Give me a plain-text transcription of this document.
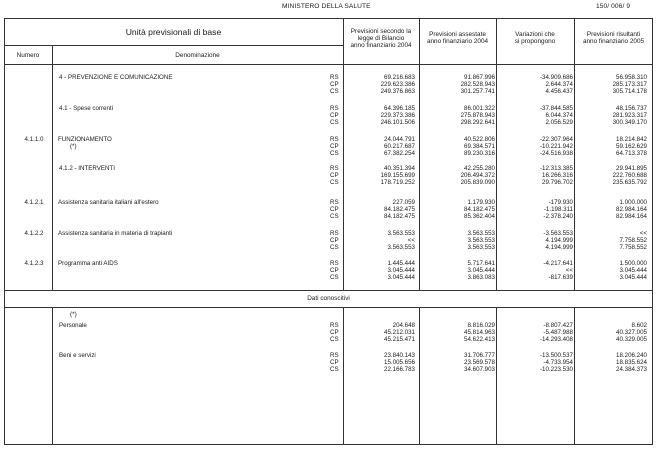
MINISTERO DELLA SALUTE	150/ 006/ 9
Unità previsionali di base
Numero	Denominazione
Previsioni secondo la
legge di Bilancio
anno finanziario 2004
Previsioni assestate
anno finanziario 2004
Variazioni che
si propongono
Previsioni risultanti
anno finanziario 2005
4 - PREVENZIONE E COMUNICAZIONE	RS	69.216.683	91.867.996	-34.909.686	56.958.310
CP	229.623.386	282.528.943	2.644.374	285.173.317
CS	249.376.863	301.257.741	4.456.437	305.714.178
4.1 - Spese correnti	RS	64.396.185	86.001.322	-37.844.585	48.156.737
CP	229.373.386	275.878.943	6.044.374	281.923.317
CS	246.101.506	298.292.641	2.056.529	300.349.170
4.1.1.0	FUNZIONAMENTO	RS	24.044.791	40.522.806	-22.307.964	18.214.842
(*)	CP	60.217.687	69.384.571	-10.221.942	59.162.629
CS	67.382.254	89.230.316	-24.516.938	64.713.378
4.1.2 - INTERVENTI	RS	40.351.394	42.255.280	-12.313.385	29.941.895
CP	169.155.699	206.494.372	16.266.316	222.760.688
CS	178.719.252	205.839.090	29.796.702	235.635.792
4.1.2.1	Assistenza sanitaria italiani all'estero	RS	227.059	1.179.930	-179.930	1.000.000
CP	84.182.475	84.182.475	-1.198.311	82.984.164
CS	84.182.475	85.362.404	-2.378.240	82.984.164
4.1.2.2	Assistenza sanitaria in materia di trapianti	RS	3.563.553	3.563.553	-3.563.553	<<
CP	<<	3.563.553	4.194.999	7.758.552
CS	3.563.553	3.563.553	4.194.999	7.758.552
4.1.2.3	Programma anti AIDS	RS	1.445.444	5.717.641	-4.217.641	1.500.000
CP	3.045.444	3.045.444	<<	3.045.444
CS	3.045.444	3.863.083	-817.639	3.045.444
Dati conoscitivi
(*)
Personale	RS	204.648	8.816.029	-8.807.427	8.602
CP	45.212.031	45.814.963	-5.487.988	40.327.005
CS	45.215.471	54.622.413	-14.293.408	40.329.005
Beni e servizi	RS	23.840.143	31.706.777	-13.500.537	18.206.240
CP	15.005.656	23.569.578	-4.733.954	18.835.624
CS	22.166.783	34.607.903	-10.223.530	24.384.373
